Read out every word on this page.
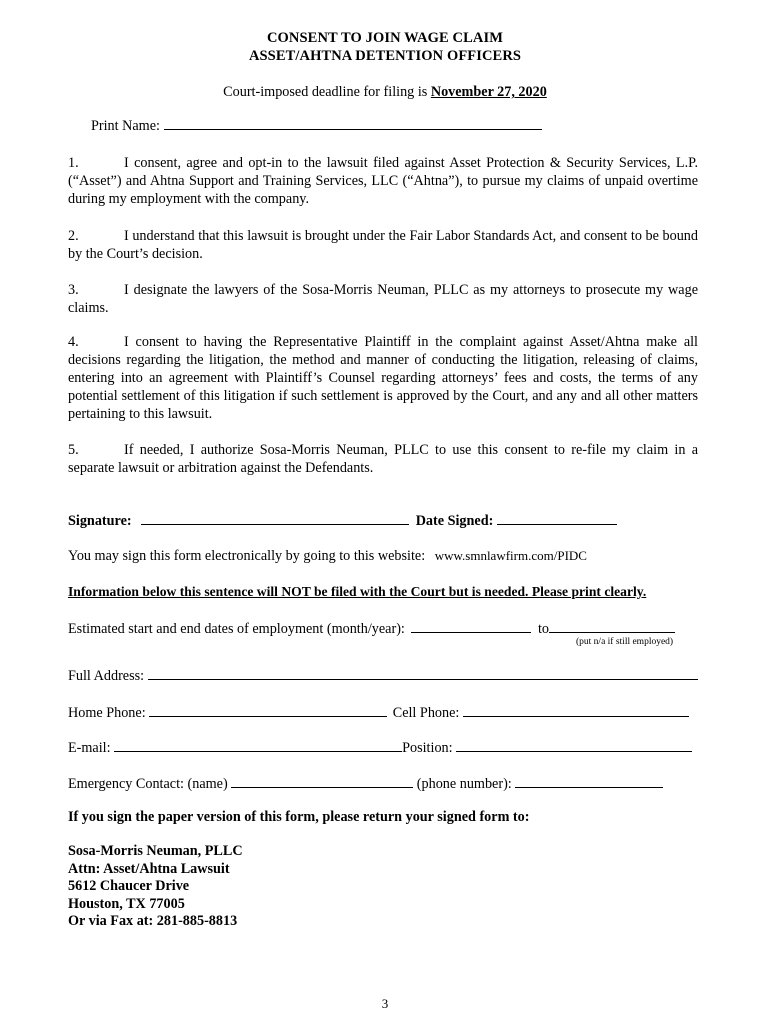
CONSENT TO JOIN WAGE CLAIM
ASSET/AHTNA DETENTION OFFICERS
Court-imposed deadline for filing is November 27, 2020
Print Name:
1.	I consent, agree and opt-in to the lawsuit filed against Asset Protection & Security Services, L.P. (“Asset”) and Ahtna Support and Training Services, LLC (“Ahtna”), to pursue my claims of unpaid overtime during my employment with the company.
2.	I understand that this lawsuit is brought under the Fair Labor Standards Act, and consent to be bound by the Court’s decision.
3.	I designate the lawyers of the Sosa-Morris Neuman, PLLC as my attorneys to prosecute my wage claims.
4.	I consent to having the Representative Plaintiff in the complaint against Asset/Ahtna make all decisions regarding the litigation, the method and manner of conducting the litigation, releasing of claims, entering into an agreement with Plaintiff’s Counsel regarding attorneys’ fees and costs, the terms of any potential settlement of this litigation if such settlement is approved by the Court, and any and all other matters pertaining to this lawsuit.
5.	If needed, I authorize Sosa-Morris Neuman, PLLC to use this consent to re-file my claim in a separate lawsuit or arbitration against the Defendants.
Signature:	Date Signed:
You may sign this form electronically by going to this website: www.smnlawfirm.com/PIDC
Information below this sentence will NOT be filed with the Court but is needed. Please print clearly.
Estimated start and end dates of employment (month/year):	to
(put n/a if still employed)
Full Address:
Home Phone:	Cell Phone:
E-mail:	Position:
Emergency Contact: (name)	(phone number):
If you sign the paper version of this form, please return your signed form to:
Sosa-Morris Neuman, PLLC
Attn: Asset/Ahtna Lawsuit
5612 Chaucer Drive
Houston, TX 77005
Or via Fax at: 281-885-8813
3
